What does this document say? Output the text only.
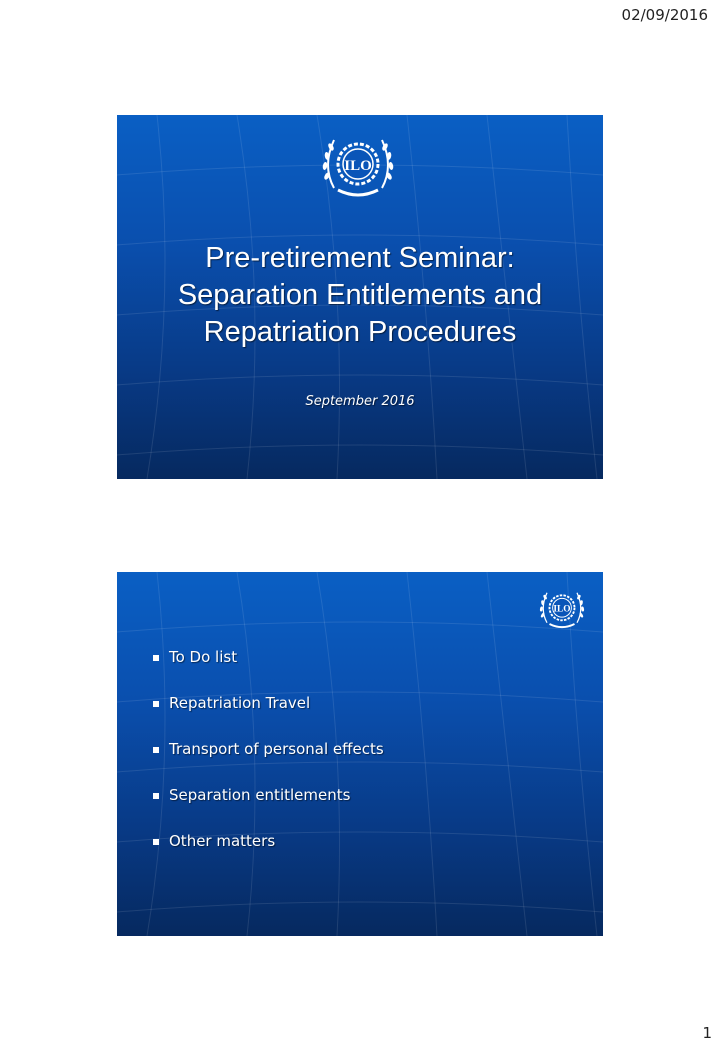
02/09/2016
ILO
Pre-retirement Seminar:
Separation Entitlements and
Repatriation Procedures
September 2016
ILO
To Do list
Repatriation Travel
Transport of personal effects
Separation entitlements
Other matters
1
